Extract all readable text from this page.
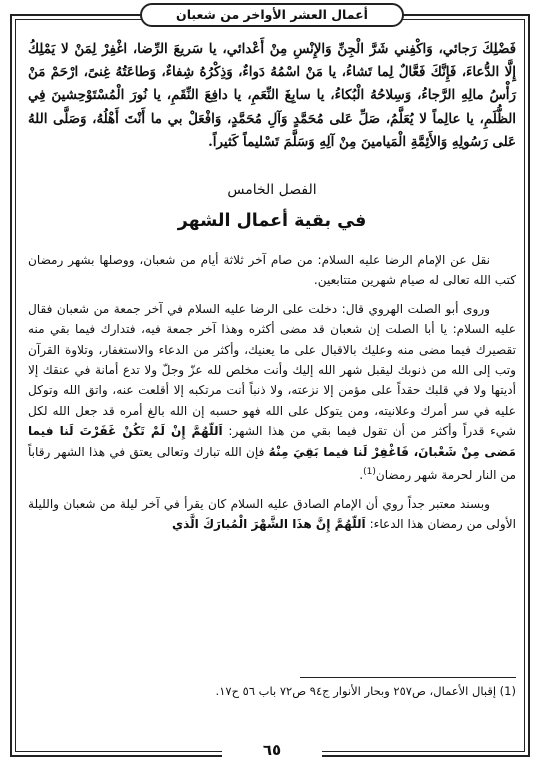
أعمال العشر الأواخر من شعبان

فَضْلِكَ رَجائي، وَاكْفِني شَرَّ الْجِنِّ وَالإِنْسِ مِنْ أَعْدائي، يا سَريعَ الرِّضا، اغْفِرْ لِمَنْ لا يَمْلِكُ إِلَّا الدُّعاءَ، فَإِنَّكَ فَعَّالٌ لِما تَشاءُ، يا مَنْ اسْمُهُ دَواءٌ، وَذِكْرُهُ شِفاءٌ، وَطاعَتُهُ غِنىً، ارْحَمْ مَنْ رَأْسُ مالِهِ الرَّجاءُ، وَسِلاحُهُ الْبُكاءُ، يا سابِغَ النِّعَمِ، يا دافِعَ النِّقَمِ، يا نُورَ الْمُسْتَوْحِشينَ فِي الظُّلَمِ، يا عالِماً لا يُعَلَّمُ، صَلِّ عَلى مُحَمَّدٍ وَآلِ مُحَمَّدٍ، وَافْعَلْ بي ما أَنْتَ أَهْلُهُ، وَصَلَّى اللهُ عَلى رَسُولِهِ وَالأَئِمَّةِ الْمَيامينَ مِنْ آلِهِ وَسَلَّمَ تَسْليماً كَثيراً.

الفصل الخامس
في بقية أعمال الشهر

نقل عن الإمام الرضا عليه السلام: من صام آخر ثلاثة أيام من شعبان، ووصلها بشهر رمضان كتب الله تعالى له صيام شهرين متتابعين.

وروى أبو الصلت الهروي قال: دخلت على الرضا عليه السلام في آخر جمعة من شعبان فقال عليه السلام: يا أبا الصلت إن شعبان قد مضى أكثره وهذا آخر جمعة فيه، فتدارك فيما بقي منه تقصيرك فيما مضى منه وعليك بالاقبال على ما يعنيك، وأكثر من الدعاء والاستغفار، وتلاوة القرآن وتب إلى الله من ذنوبك ليقبل شهر الله إليك وأنت مخلص لله عزّ وجلّ ولا تدع أمانة في عنقك إلا أديتها ولا في قلبك حقداً على مؤمن إلا نزعته، ولا ذنباً أنت مرتكبه إلا أقلعت عنه، واتق الله وتوكل عليه في سر أمرك وعلانيته، ومن يتوكل على الله فهو حسبه إن الله بالغ أمره قد جعل الله لكل شيء قدراً وأكثر من أن تقول فيما بقي من هذا الشهر: اَللّهُمَّ إِنْ لَمْ تَكُنْ غَفَرْتَ لَنا فيما مَضى مِنْ شَعْبانَ، فَاغْفِرْ لَنا فيما بَقِيَ مِنْهُ فإن الله تبارك وتعالى يعتق في هذا الشهر رقاباً من النار لحرمة شهر رمضان$^{(1)}$.

وبسند معتبر جداً روي أن الإمام الصادق عليه السلام كان يقرأ في آخر ليلة من شعبان والليلة الأولى من رمضان هذا الدعاء: اَللّهُمَّ إِنَّ هذَا الشَّهْرَ الْمُبارَكَ الَّذي

(1) إقبال الأعمال، ص٢٥٧ وبحار الأنوار ج٩٤ ص٧٢ باب ٥٦ ح١٧.
٦٥
